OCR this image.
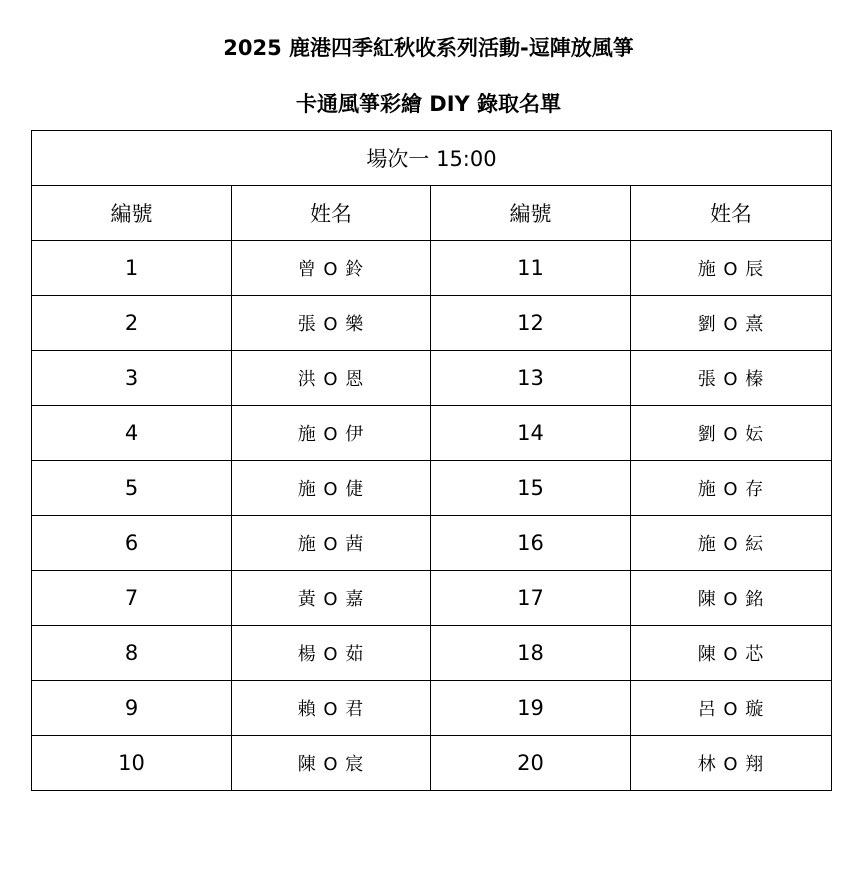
2025 鹿港四季紅秋收系列活動-逗陣放風箏
卡通風箏彩繪 DIY 錄取名單
場次一 15:00			
編號	姓名	編號	姓名
1	曾 O 鈴	11	施 O 辰
2	張 O 樂	12	劉 O 熹
3	洪 O 恩	13	張 O 榛
4	施 O 伊	14	劉 O 妘
5	施 O 倢	15	施 O 存
6	施 O 茜	16	施 O 紜
7	黃 O 嘉	17	陳 O 銘
8	楊 O 茹	18	陳 O 芯
9	賴 O 君	19	呂 O 璇
10	陳 O 宸	20	林 O 翔
